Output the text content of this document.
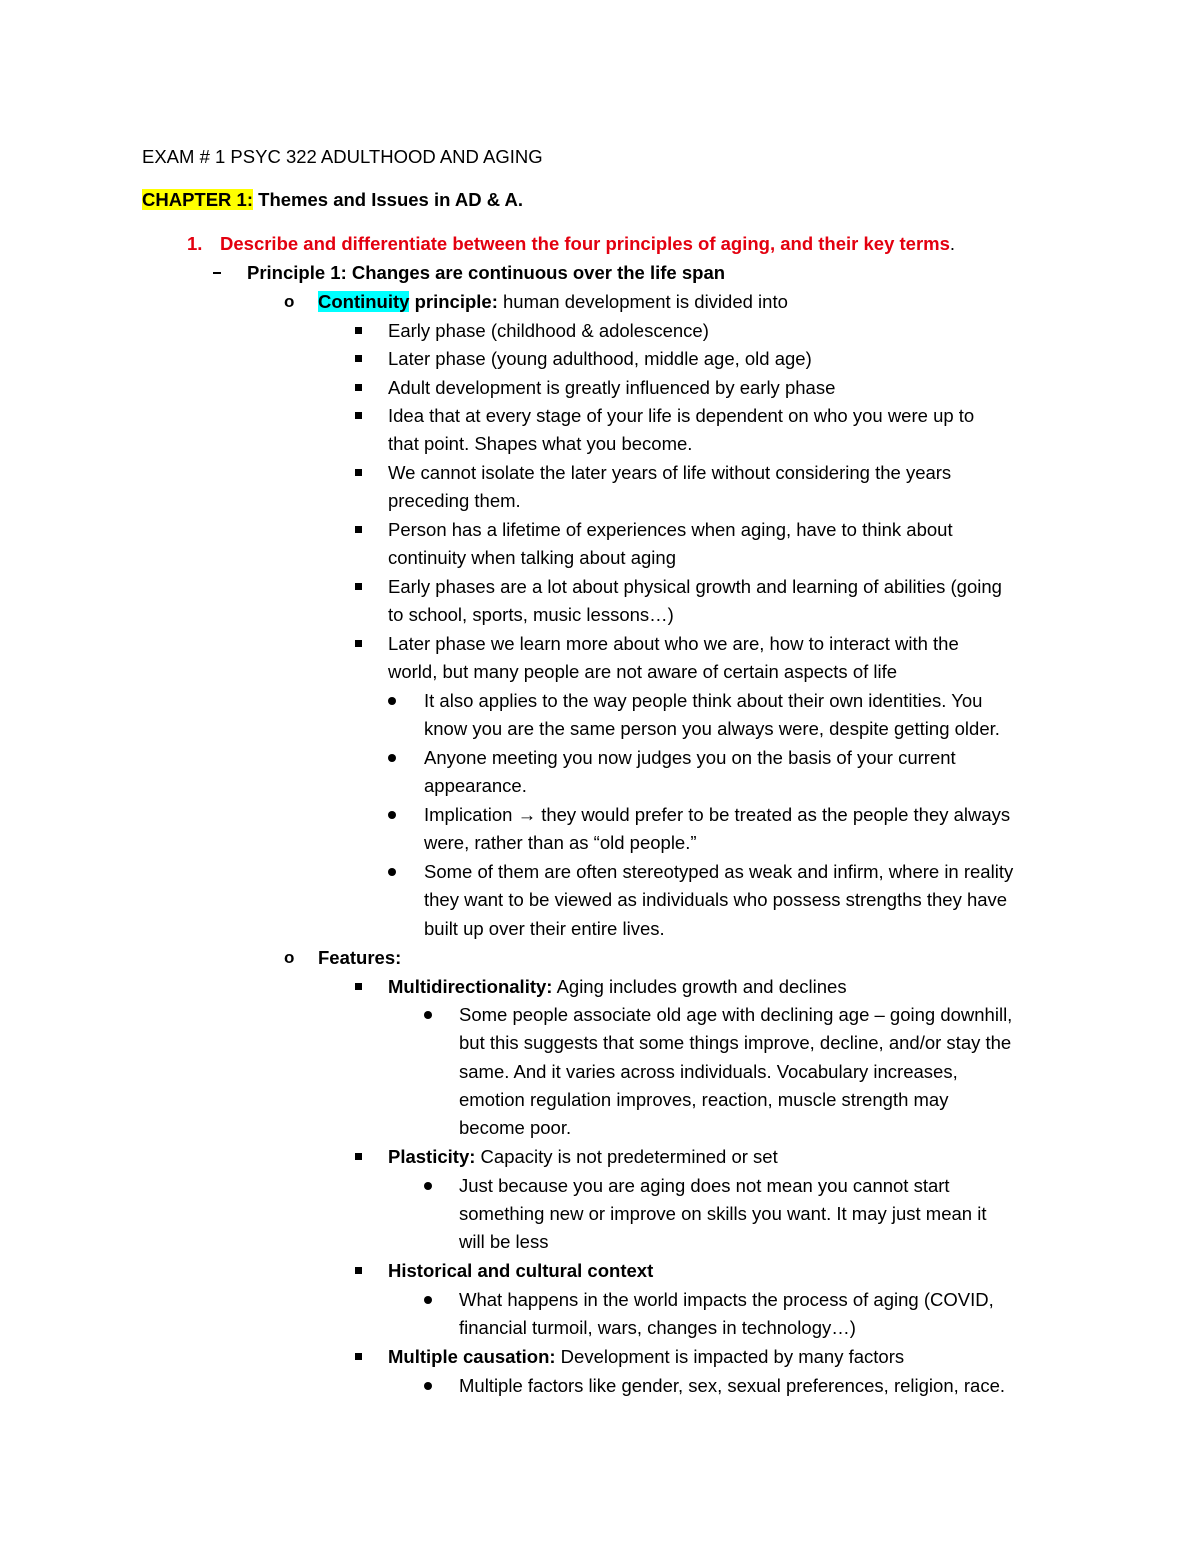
EXAM # 1 PSYC 322 ADULTHOOD AND AGING
CHAPTER 1: Themes and Issues in AD & A.
1. Describe and differentiate between the four principles of aging, and their key terms.
Principle 1: Changes are continuous over the life span
o Continuity principle: human development is divided into
Early phase (childhood & adolescence)
Later phase (young adulthood, middle age, old age)
Adult development is greatly influenced by early phase
Idea that at every stage of your life is dependent on who you were up to
that point. Shapes what you become.
We cannot isolate the later years of life without considering the years
preceding them.
Person has a lifetime of experiences when aging, have to think about
continuity when talking about aging
Early phases are a lot about physical growth and learning of abilities (going
to school, sports, music lessons…)
Later phase we learn more about who we are, how to interact with the
world, but many people are not aware of certain aspects of life
It also applies to the way people think about their own identities. You
know you are the same person you always were, despite getting older.
Anyone meeting you now judges you on the basis of your current
appearance.
Implication → they would prefer to be treated as the people they always
were, rather than as “old people.”
Some of them are often stereotyped as weak and infirm, where in reality
they want to be viewed as individuals who possess strengths they have
built up over their entire lives.
o Features:
Multidirectionality: Aging includes growth and declines
Some people associate old age with declining age – going downhill,
but this suggests that some things improve, decline, and/or stay the
same. And it varies across individuals. Vocabulary increases,
emotion regulation improves, reaction, muscle strength may
become poor.
Plasticity: Capacity is not predetermined or set
Just because you are aging does not mean you cannot start
something new or improve on skills you want. It may just mean it
will be less
Historical and cultural context
What happens in the world impacts the process of aging (COVID,
financial turmoil, wars, changes in technology…)
Multiple causation: Development is impacted by many factors
Multiple factors like gender, sex, sexual preferences, religion, race.
